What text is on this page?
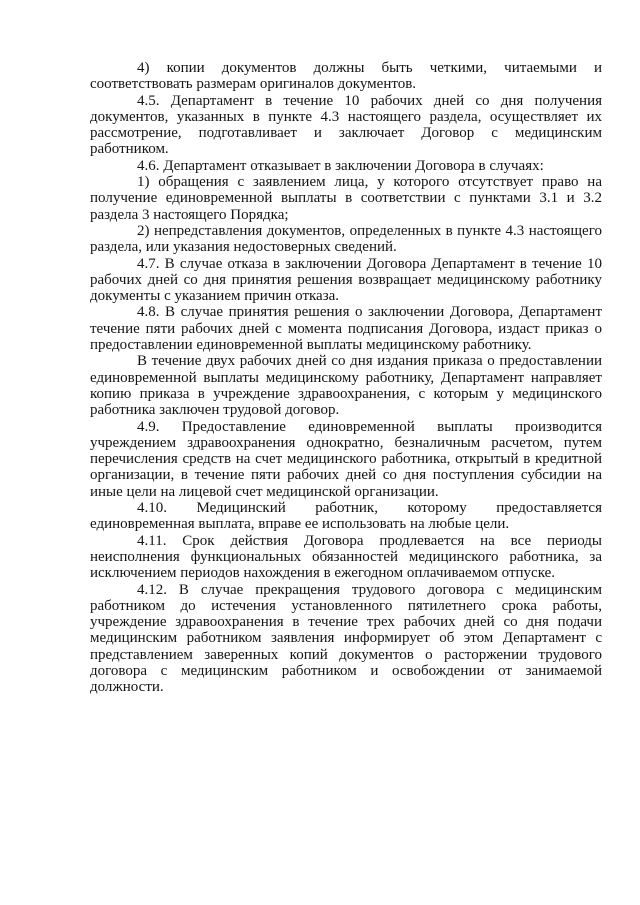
4) копии документов должны быть четкими, читаемыми и соответствовать размерам оригиналов документов.

4.5. Департамент в течение 10 рабочих дней со дня получения документов, указанных в пункте 4.3 настоящего раздела, осуществляет их рассмотрение, подготавливает и заключает Договор с медицинским работником.

4.6. Департамент отказывает в заключении Договора в случаях:

1) обращения с заявлением лица, у которого отсутствует право на получение единовременной выплаты в соответствии с пунктами 3.1 и 3.2 раздела 3 настоящего Порядка;

2) непредставления документов, определенных в пункте 4.3 настоящего раздела, или указания недостоверных сведений.

4.7. В случае отказа в заключении Договора Департамент в течение 10 рабочих дней со дня принятия решения возвращает медицинскому работнику документы с указанием причин отказа.

4.8. В случае принятия решения о заключении Договора, Департамент течение пяти рабочих дней с момента подписания Договора, издаст приказ о предоставлении единовременной выплаты медицинскому работнику.

В течение двух рабочих дней со дня издания приказа о предоставлении единовременной выплаты медицинскому работнику, Департамент направляет копию приказа в учреждение здравоохранения, с которым у медицинского работника заключен трудовой договор.

4.9. Предоставление единовременной выплаты производится учреждением здравоохранения однократно, безналичным расчетом, путем перечисления средств на счет медицинского работника, открытый в кредитной организации, в течение пяти рабочих дней со дня поступления субсидии на иные цели на лицевой счет медицинской организации.

4.10. Медицинский работник, которому предоставляется единовременная выплата, вправе ее использовать на любые цели.

4.11. Срок действия Договора продлевается на все периоды неисполнения функциональных обязанностей медицинского работника, за исключением периодов нахождения в ежегодном оплачиваемом отпуске.

4.12. В случае прекращения трудового договора с медицинским работником до истечения установленного пятилетнего срока работы, учреждение здравоохранения в течение трех рабочих дней со дня подачи медицинским работником заявления информирует об этом Департамент с представлением заверенных копий документов о расторжении трудового договора с медицинским работником и освобождении от занимаемой должности.
